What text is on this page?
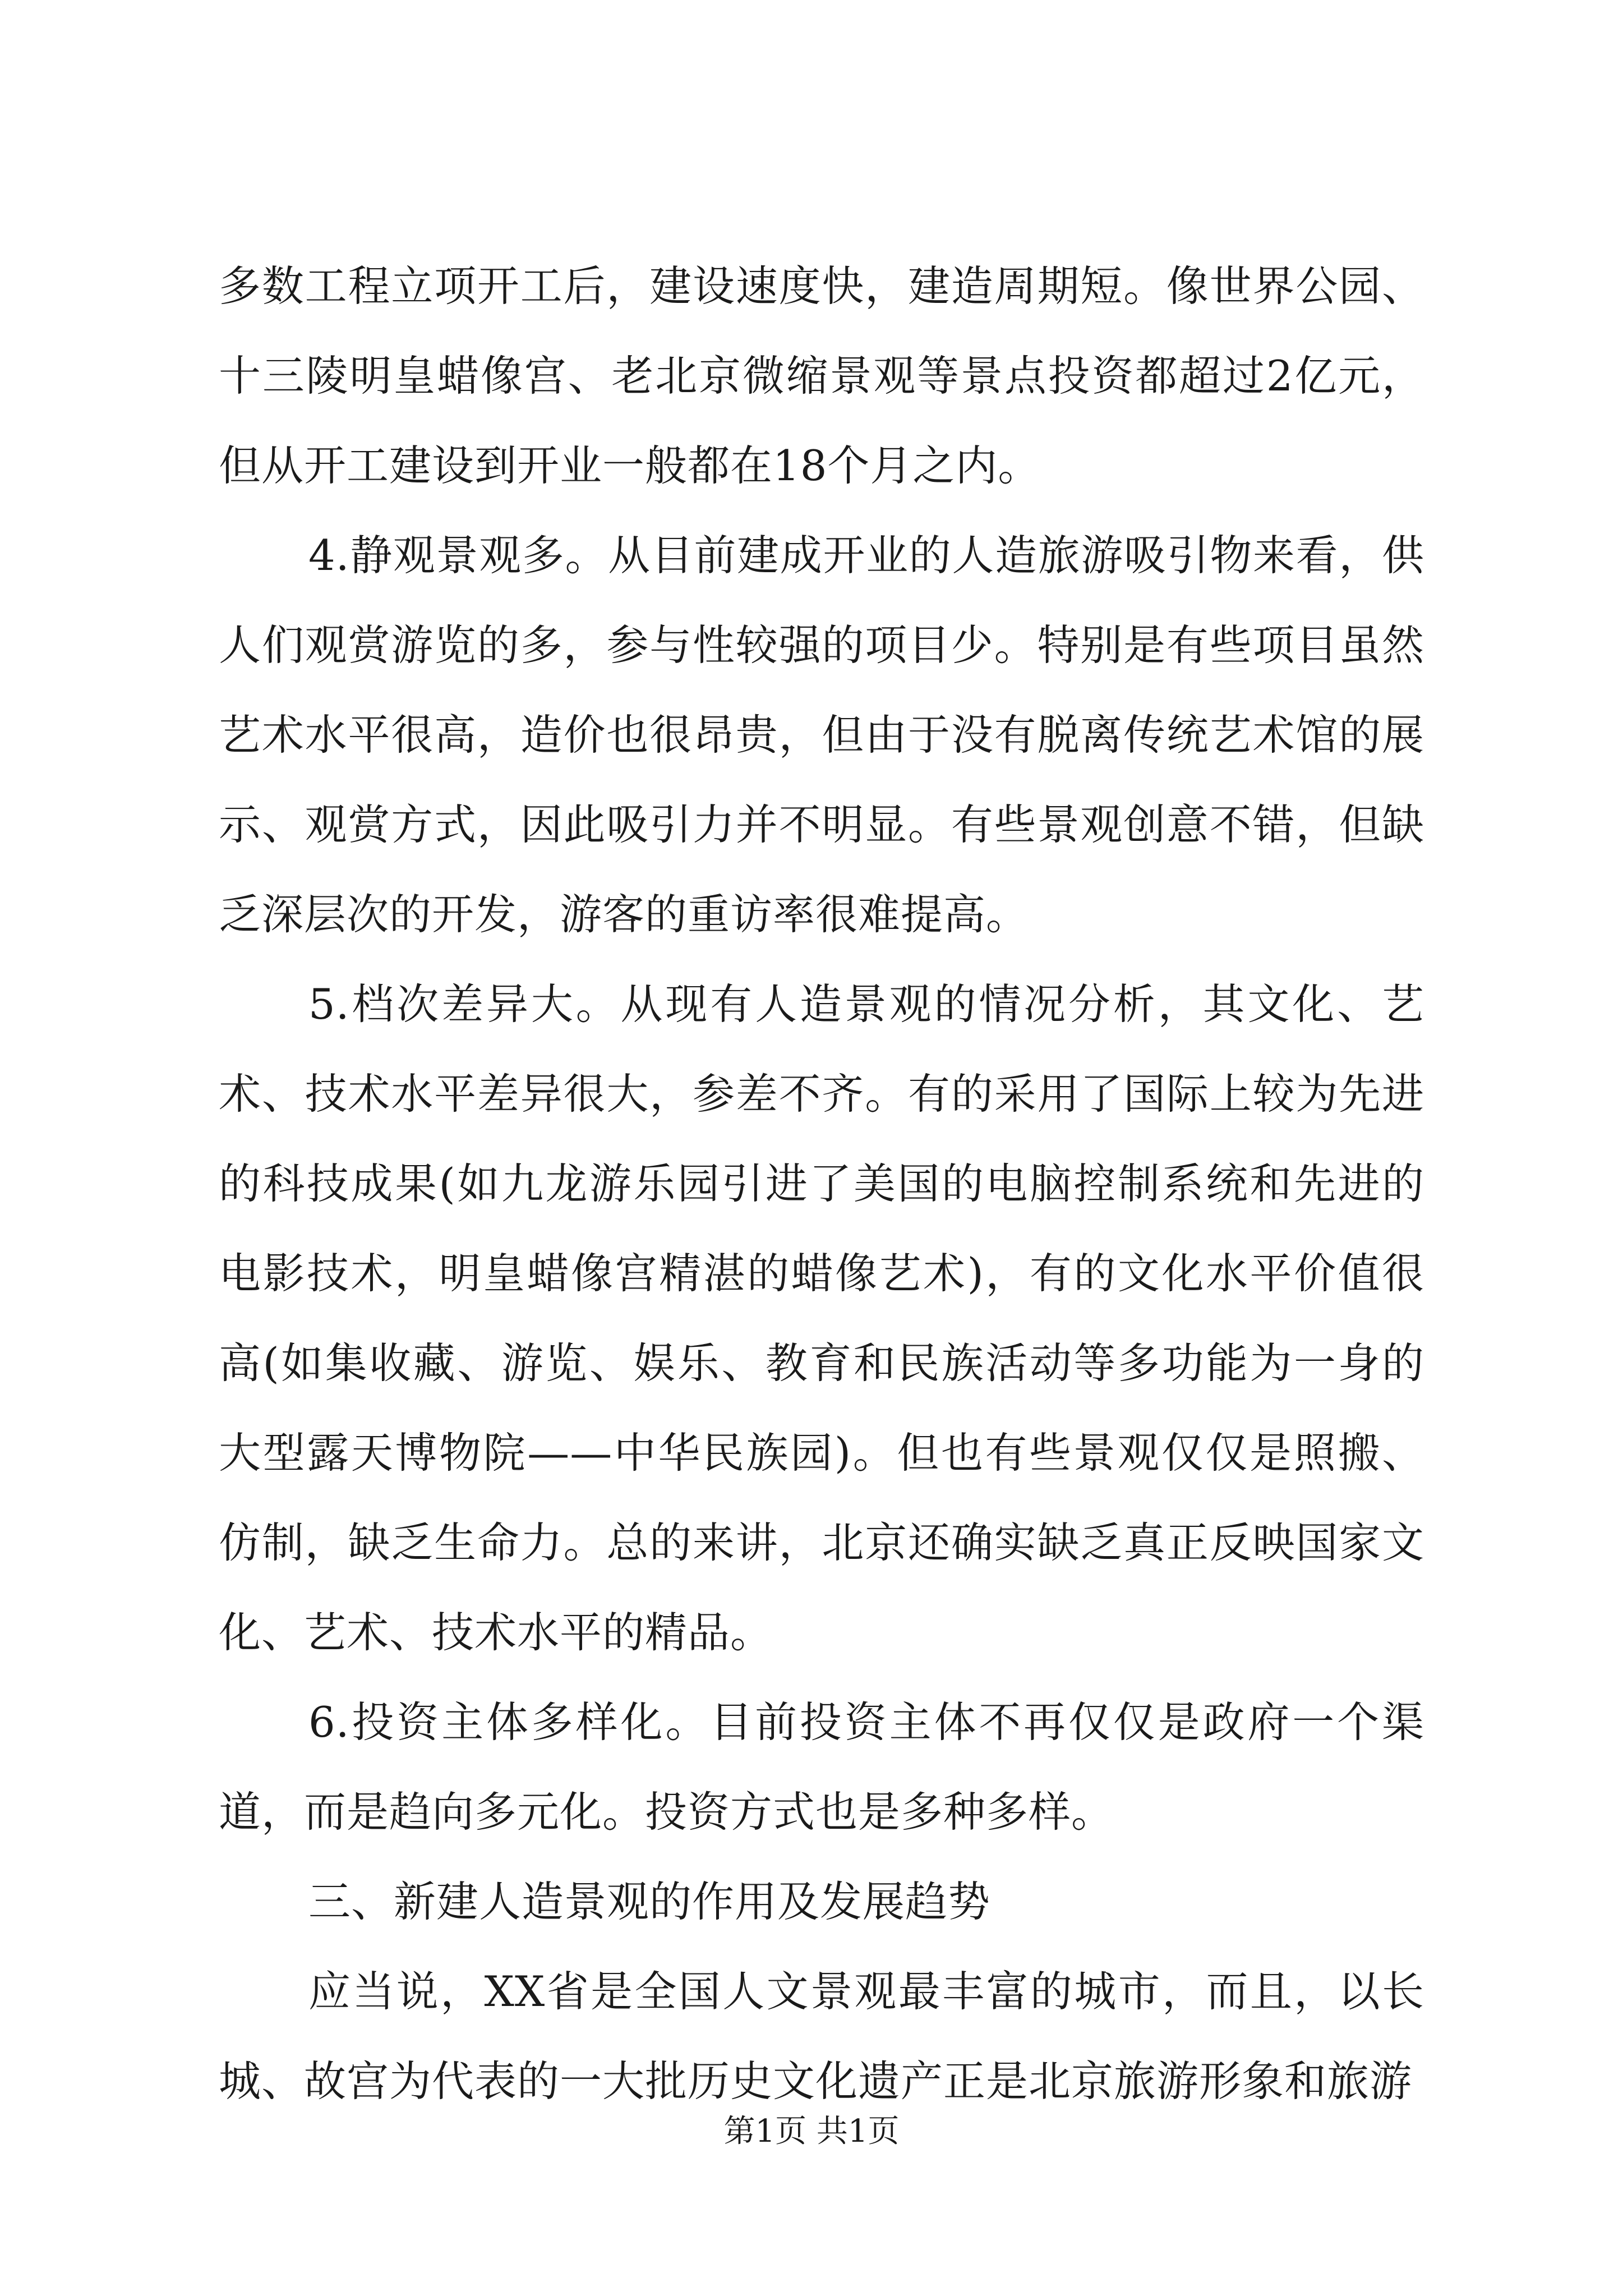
多数工程立项开工后，建设速度快，建造周期短。像世界公园、十三陵明皇蜡像宫、老北京微缩景观等景点投资都超过2亿元，但从开工建设到开业一般都在18个月之内。

4.静观景观多。从目前建成开业的人造旅游吸引物来看，供人们观赏游览的多，参与性较强的项目少。特别是有些项目虽然艺术水平很高，造价也很昂贵，但由于没有脱离传统艺术馆的展示、观赏方式，因此吸引力并不明显。有些景观创意不错，但缺乏深层次的开发，游客的重访率很难提高。

5.档次差异大。从现有人造景观的情况分析，其文化、艺术、技术水平差异很大，参差不齐。有的采用了国际上较为先进的科技成果(如九龙游乐园引进了美国的电脑控制系统和先进的电影技术，明皇蜡像宫精湛的蜡像艺术)，有的文化水平价值很高(如集收藏、游览、娱乐、教育和民族活动等多功能为一身的大型露天博物院——中华民族园)。但也有些景观仅仅是照搬、仿制，缺乏生命力。总的来讲，北京还确实缺乏真正反映国家文化、艺术、技术水平的精品。

6.投资主体多样化。目前投资主体不再仅仅是政府一个渠道，而是趋向多元化。投资方式也是多种多样。

三、新建人造景观的作用及发展趋势

应当说，XX省是全国人文景观最丰富的城市，而且，以长城、故宫为代表的一大批历史文化遗产正是北京旅游形象和旅游

第1页 共1页
